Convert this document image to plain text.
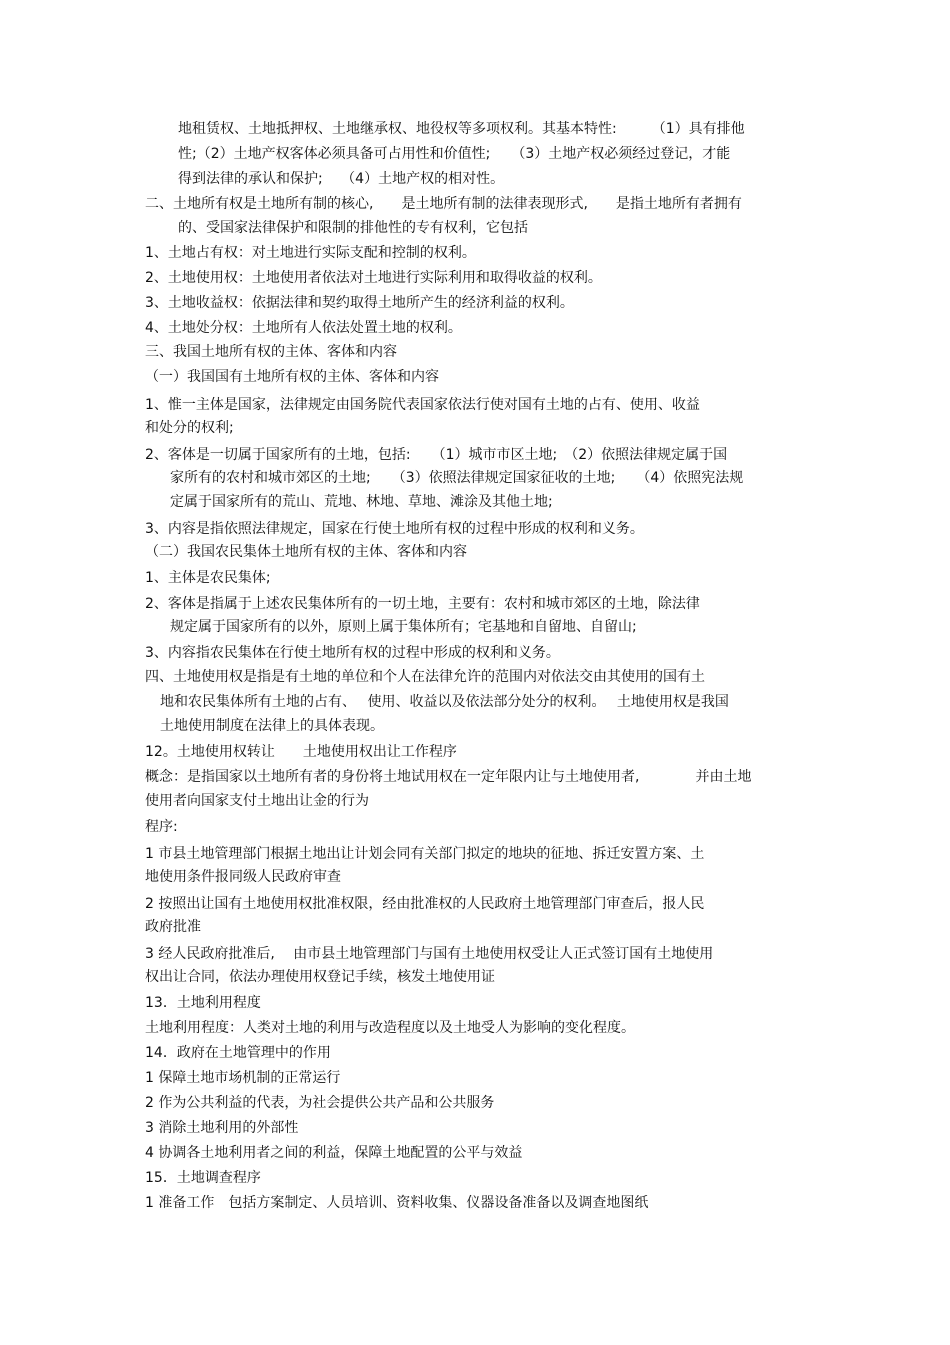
地租赁权、土地抵押权、土地继承权、地役权等多项权利。其基本特性:　　　（1）具有排他
性;（2）土地产权客体必须具备可占用性和价值性;　　（3）土地产权必须经过登记，才能
得到法律的承认和保护;　 （4）土地产权的相对性。
二、土地所有权是土地所有制的核心,　　是土地所有制的法律表现形式,　　是指土地所有者拥有
的、受国家法律保护和限制的排他性的专有权利，它包括
1、土地占有权：对土地进行实际支配和控制的权利。
2、土地使用权：土地使用者依法对土地进行实际利用和取得收益的权利。
3、土地收益权：依据法律和契约取得土地所产生的经济利益的权利。
4、土地处分权：土地所有人依法处置土地的权利。
三、我国土地所有权的主体、客体和内容
（一）我国国有土地所有权的主体、客体和内容
1、惟一主体是国家，法律规定由国务院代表国家依法行使对国有土地的占有、使用、收益
和处分的权利;
2、客体是一切属于国家所有的土地，包括:　　（1）城市市区土地;　（2）依照法律规定属于国
家所有的农村和城市郊区的土地;　　（3）依照法律规定国家征收的土地;　　（4）依照宪法规
定属于国家所有的荒山、荒地、林地、草地、滩涂及其他土地;
3、内容是指依照法律规定，国家在行使土地所有权的过程中形成的权利和义务。
（二）我国农民集体土地所有权的主体、客体和内容
1、主体是农民集体;
2、客体是指属于上述农民集体所有的一切土地，主要有：农村和城市郊区的土地，除法律
规定属于国家所有的以外，原则上属于集体所有；宅基地和自留地、自留山;
3、内容指农民集体在行使土地所有权的过程中形成的权利和义务。
四、土地使用权是指是有土地的单位和个人在法律允许的范围内对依法交由其使用的国有土
地和农民集体所有土地的占有、　 使用、收益以及依法部分处分的权利。　 土地使用权是我国
土地使用制度在法律上的具体表现。
12。土地使用权转让　　土地使用权出让工作程序
概念：是指国家以土地所有者的身份将土地试用权在一定年限内让与土地使用者,　　　　并由土地
使用者向国家支付土地出让金的行为
程序:
1 市县土地管理部门根据土地出让计划会同有关部门拟定的地块的征地、拆迁安置方案、土
地使用条件报同级人民政府审查
2 按照出让国有土地使用权批准权限，经由批准权的人民政府土地管理部门审查后，报人民
政府批准
3 经人民政府批准后,　 由市县土地管理部门与国有土地使用权受让人正式签订国有土地使用
权出让合同，依法办理使用权登记手续，核发土地使用证
13．土地利用程度
土地利用程度：人类对土地的利用与改造程度以及土地受人为影响的变化程度。
14．政府在土地管理中的作用
1 保障土地市场机制的正常运行
2 作为公共利益的代表，为社会提供公共产品和公共服务
3 消除土地利用的外部性
4 协调各土地利用者之间的利益，保障土地配置的公平与效益
15．土地调查程序
1 准备工作　包括方案制定、人员培训、资料收集、仪器设备准备以及调查地图纸
